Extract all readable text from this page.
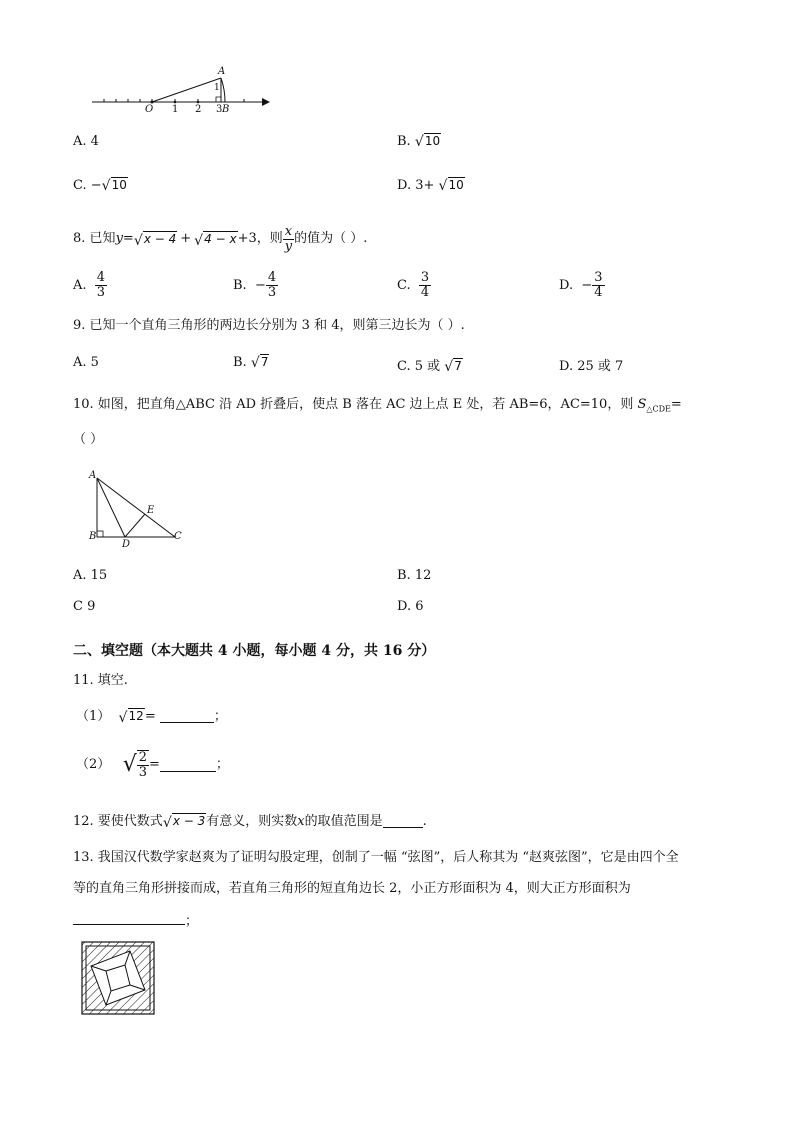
O 1 2 3 B
A
1
A. 4	B. √ 10
C. − √ 10	D. 3+ √ 10
8.
已知 y = √ x − 4 + √ 4 − x +3 ，则 $\frac{x}{y}$ 的值为（ ）.
A.
$\frac{4}{3}$	B.
− $\frac{4}{3}$	C.
$\frac{3}{4}$	D.
− $\frac{3}{4}$
9. 已知一个直角三角形的两边长分别为 3 和 4，则第三边长为（ ）.
A. 5	B. √ 7	C. 5 或 √ 7	D. 25 或 7
10. 如图，把直角△ABC 沿 AD 折叠后，使点 B 落在 AC 边上点 E 处，若 AB=6，AC=10，则 $S_{\triangle CDE}=$
（ ）
A
B
D
E
C
A. 15	B. 12
C 9	D. 6
二、填空题（本大题共 4 小题，每小题 4 分，共 16 分）
11. 填空.
（1）
√ 12 =
	；
（2）
√ $\frac{2}{3}$ =	；
12. 要使代数式 √ x − 3 有意义，则实数 x 的取值范围是	.
13. 我国汉代数学家赵爽为了证明勾股定理，创制了一幅 “弦图”，后人称其为 “赵爽弦图”，它是由四个全
等的直角三角形拼接而成，若直角三角形的短直角边长 2，小正方形面积为 4，则大正方形面积为
；
